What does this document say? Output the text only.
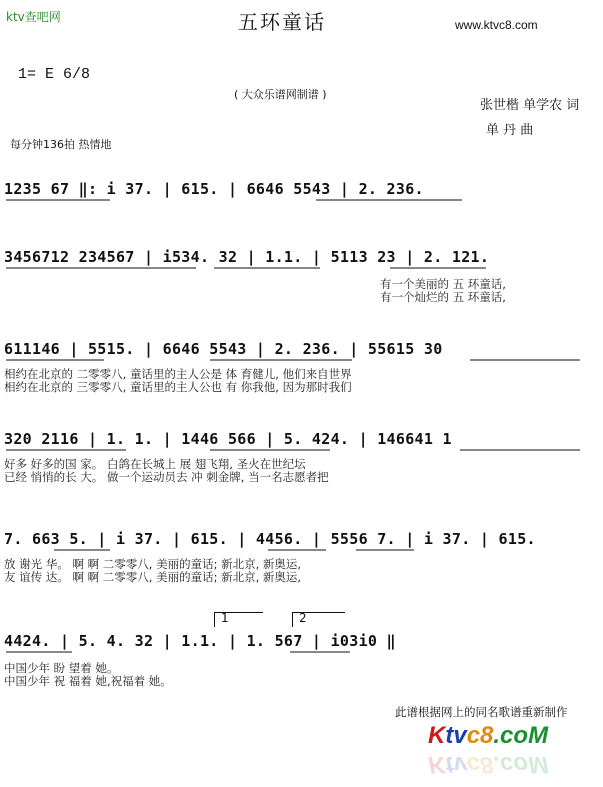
ktv查吧网	五环童话	www.ktvc8.com
1= E 6/8
( 大众乐谱网制谱 )
张世楷 单学农 词
单 丹 曲
每分钟136拍 热情地
1235 67 ‖: i 37. | 615. | 6646 5543 | 2. 236.
3456712 234567 | i534. 32 | 1.1. | 5113 23 | 2. 121.
有一个美丽的 五 环童话,
有一个灿烂的 五 环童话,
611146 | 5515. | 6646 5543 | 2. 236. | 55615 30
相约在北京的 二零零八, 童话里的主人公是 体 育健儿, 他们来自世界
相约在北京的 三零零八, 童话里的主人公也 有 你我他, 因为那时我们
320 2116 | 1. 1. | 1446 566 | 5. 424. | 146641 1
好多 好多的国 家。 白鸽在长城上 展 翅飞翔, 圣火在世纪坛
已经 悄悄的长 大。 做一个运动员去 冲 刺金牌, 当一名志愿者把
7. 663 5. | i 37. | 615. | 4456. | 5556 7. | i 37. | 615.
放 谢光 华。 啊 啊 二零零八, 美丽的童话; 新北京, 新奥运,
友 谊传 达。 啊 啊 二零零八, 美丽的童话; 新北京, 新奥运,
1	2
4424. | 5. 4. 32 | 1.1. | 1. 567 | i03i0 ‖
中国少年 盼 望着 她。
中国少年 祝 福着 她,祝福着 她。
此谱根据网上的同名歌谱重新制作
Ktvc8.coM
Ktvc8.coM
